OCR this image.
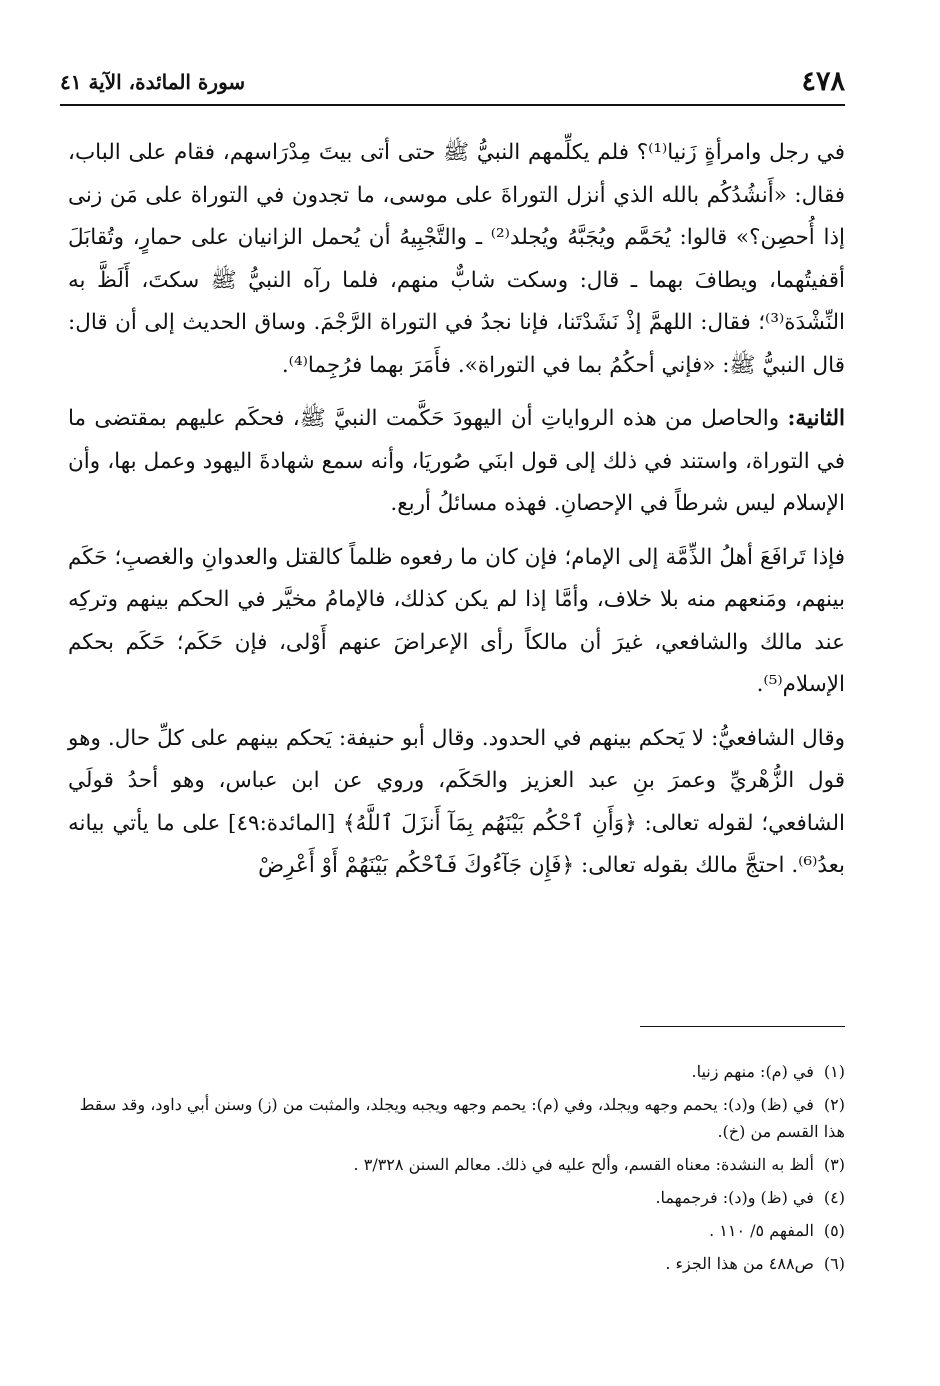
٤٧٨
سورة المائدة، الآية ٤١

في رجل وامرأةٍ زَنيا⁽¹⁾؟ فلم يكلِّمهم النبيُّ ﷺ حتى أتى بيتَ مِدْرَاسهم، فقام على الباب، فقال: «أَنشُدُكُم بالله الذي أنزل التوراةَ على موسى، ما تجدون في التوراة على مَن زنى إذا أُحصِن؟» قالوا: يُحَمَّم ويُجَبَّهُ ويُجلد⁽²⁾ ـ والتَّجْبِيهُ أن يُحمل الزانيان على حمارٍ، وتُقابَلَ أقفيتُهما، ويطافَ بهما ـ قال: وسكت شابٌّ منهم، فلما رآه النبيُّ ﷺ سكتَ، أَلَظَّ به النِّشْدَة⁽³⁾؛ فقال: اللهمَّ إذْ نَشَدْتَنا، فإنا نجدُ في التوراة الرَّجْمَ. وساق الحديث إلى أن قال: قال النبيُّ ﷺ: «فإني أحكُمُ بما في التوراة». فأَمَرَ بهما فرُجِما⁽⁴⁾.

الثانية: والحاصل من هذه الرواياتِ أن اليهودَ حَكَّمت النبيَّ ﷺ، فحكَم عليهم بمقتضى ما في التوراة، واستند في ذلك إلى قول ابنَي صُوريَا، وأنه سمع شهادةَ اليهود وعمل بها، وأن الإسلام ليس شرطاً في الإحصانِ. فهذه مسائلُ أربع.

فإذا تَرافَعَ أهلُ الذِّمَّة إلى الإمام؛ فإن كان ما رفعوه ظلماً كالقتل والعدوانِ والغصبِ؛ حَكَم بينهم، ومَنعهم منه بلا خلاف، وأمَّا إذا لم يكن كذلك، فالإمامُ مخيَّر في الحكم بينهم وتركِه عند مالك والشافعي، غيرَ أن مالكاً رأى الإعراضَ عنهم أَوْلى، فإن حَكَم؛ حَكَم بحكم الإسلام⁽⁵⁾.

وقال الشافعيُّ: لا يَحكم بينهم في الحدود. وقال أبو حنيفة: يَحكم بينهم على كلِّ حال. وهو قول الزُّهْريِّ وعمرَ بنِ عبد العزيز والحَكَم، وروي عن ابن عباس، وهو أحدُ قولَي الشافعي؛ لقوله تعالى: ﴿وَأَنِ ٱحْكُم بَيْنَهُم بِمَآ أَنزَلَ ٱللَّهُ﴾ [المائدة:٤٩] على ما يأتي بيانه بعدُ⁽⁶⁾. احتجَّ مالك بقوله تعالى: ﴿فَإِن جَآءُوكَ فَٱحْكُم بَيْنَهُمْ أَوْ أَعْرِضْ

(١) في (م): منهم زنيا.

(٢) في (ظ) و(د): يحمم وجهه ويجلد، وفي (م): يحمم وجهه ويجبه ويجلد، والمثبت من (ز) وسنن أبي داود، وقد سقط هذا القسم من (خ).

(٣) ألظ به النشدة: معناه القسم، وألح عليه في ذلك. معالم السنن ٣/٣٢٨ .

(٤) في (ظ) و(د): فرجمهما.

(٥) المفهم ٥/ ١١٠ .

(٦) ص٤٨٨ من هذا الجزء .
